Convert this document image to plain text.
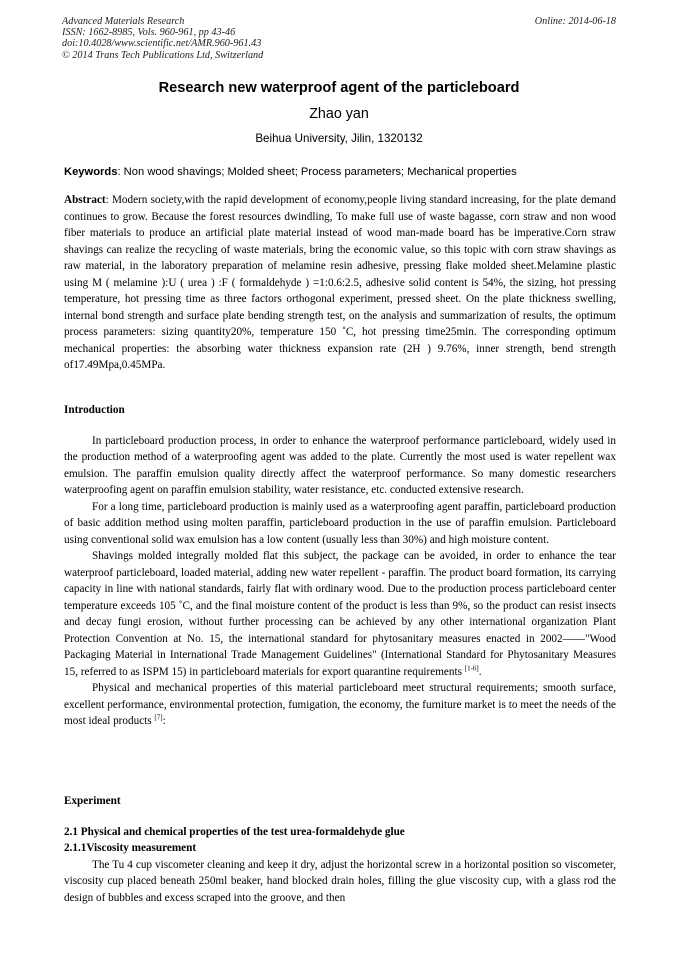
Advanced Materials Research
ISSN: 1662-8985, Vols. 960-961, pp 43-46
doi:10.4028/www.scientific.net/AMR.960-961.43
© 2014 Trans Tech Publications Ltd, Switzerland
Online: 2014-06-18
Research new waterproof agent of the particleboard
Zhao yan
Beihua University, Jilin, 1320132
Keywords: Non wood shavings; Molded sheet; Process parameters; Mechanical properties

Abstract: Modern society,with the rapid development of economy,people living standard increasing, for the plate demand continues to grow. Because the forest resources dwindling, To make full use of waste bagasse, corn straw and non wood fiber materials to produce an artificial plate material instead of wood man-made board has be imperative.Corn straw shavings can realize the recycling of waste materials, bring the economic value, so this topic with corn straw shavings as raw material, in the laboratory preparation of melamine resin adhesive, pressing flake molded sheet.Melamine plastic using M ( melamine ):U ( urea ) :F ( formaldehyde ) =1:0.6:2.5, adhesive solid content is 54%, the sizing, hot pressing temperature, hot pressing time as three factors orthogonal experiment, pressed sheet. On the plate thickness swelling, internal bond strength and surface plate bending strength test, on the analysis and summarization of results, the optimum process parameters: sizing quantity20%, temperature 150 ˚C, hot pressing time25min. The corresponding optimum mechanical properties: the absorbing water thickness expansion rate (2H ) 9.76%, inner strength, bend strength of17.49Mpa,0.45MPa.

Introduction

In particleboard production process, in order to enhance the waterproof performance particleboard, widely used in the production method of a waterproofing agent was added to the plate. Currently the most used is water repellent wax emulsion. The paraffin emulsion quality directly affect the waterproof performance. So many domestic researchers waterproofing agent on paraffin emulsion stability, water resistance, etc. conducted extensive research.

For a long time, particleboard production is mainly used as a waterproofing agent paraffin, particleboard production of basic addition method using molten paraffin, particleboard production in the use of paraffin emulsion. Particleboard using conventional solid wax emulsion has a low content (usually less than 30%) and high moisture content.

Shavings molded integrally molded flat this subject, the package can be avoided, in order to enhance the tear waterproof particleboard, loaded material, adding new water repellent - paraffin. The product board formation, its carrying capacity in line with national standards, fairly flat with ordinary wood. Due to the production process particleboard center temperature exceeds 105 ˚C, and the final moisture content of the product is less than 9%, so the product can resist insects and decay fungi erosion, without further processing can be achieved by any other international organization Plant Protection Convention at No. 15, the international standard for phytosanitary measures enacted in 2002——"Wood Packaging Material in International Trade Management Guidelines" (International Standard for Phytosanitary Measures 15, referred to as ISPM 15) in particleboard materials for export quarantine requirements [1-6].

Physical and mechanical properties of this material particleboard meet structural requirements; smooth surface, excellent performance, environmental protection, fumigation, the economy, the furniture market is to meet the needs of the most ideal products [7]:

Experiment

2.1 Physical and chemical properties of the test urea-formaldehyde glue

2.1.1Viscosity measurement

The Tu 4 cup viscometer cleaning and keep it dry, adjust the horizontal screw in a horizontal position so viscometer, viscosity cup placed beneath 250ml beaker, hand blocked drain holes, filling the glue viscosity cup, with a glass rod the design of bubbles and excess scraped into the groove, and then
